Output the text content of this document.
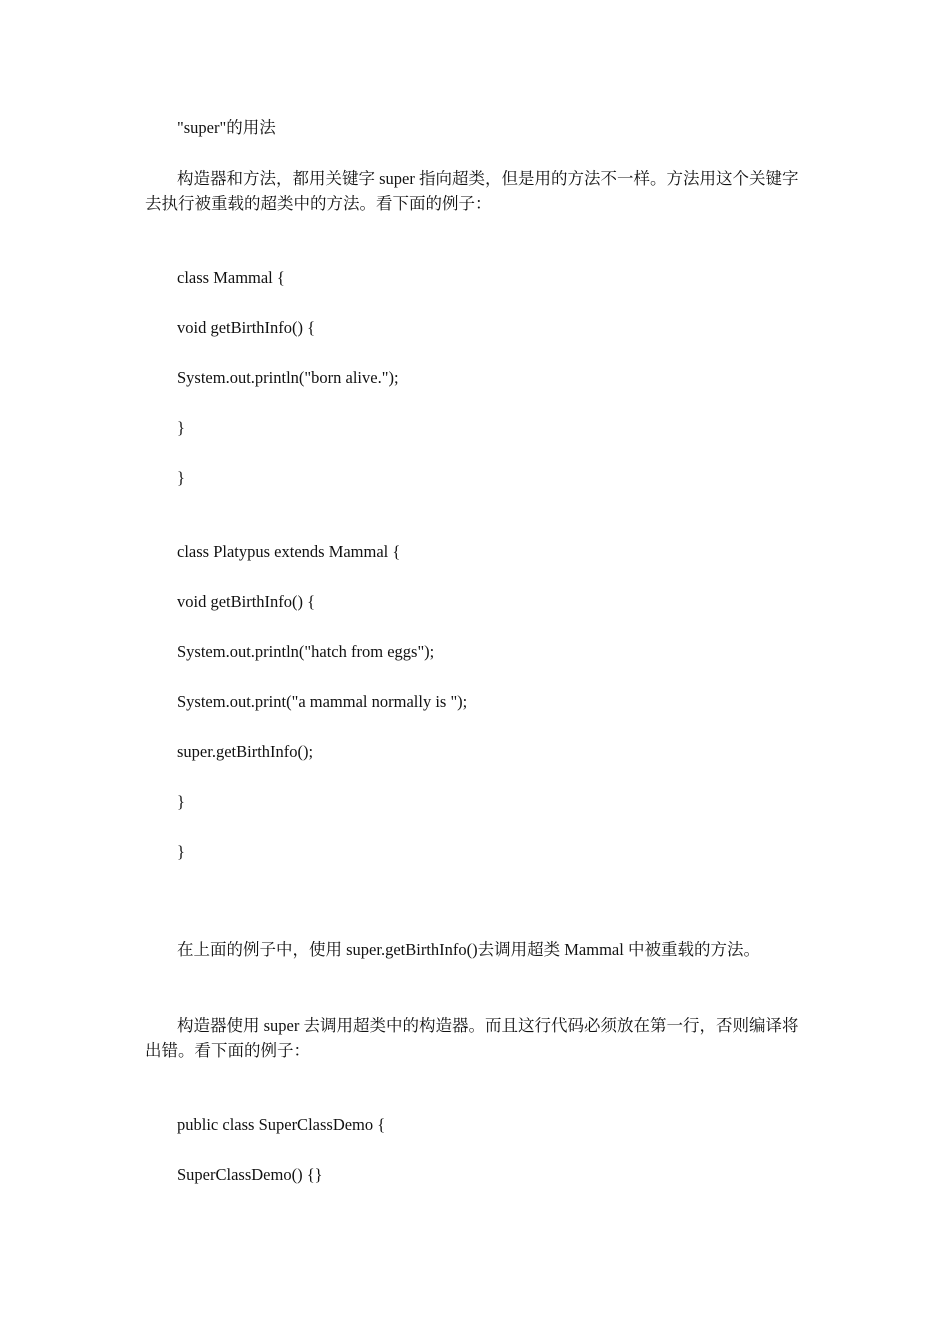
"super"的用法
构造器和方法，都用关键字 super 指向超类，但是用的方法不一样。方法用这个关键字去执行被重载的超类中的方法。看下面的例子：
class Mammal {
void getBirthInfo() {
System.out.println("born alive.");
}
}
class Platypus extends Mammal {
void getBirthInfo() {
System.out.println("hatch from eggs");
System.out.print("a mammal normally is ");
super.getBirthInfo();
}
}
在上面的例子中，使用 super.getBirthInfo()去调用超类 Mammal 中被重载的方法。
构造器使用 super 去调用超类中的构造器。而且这行代码必须放在第一行，否则编译将出错。看下面的例子：
public class SuperClassDemo {
SuperClassDemo() {}
